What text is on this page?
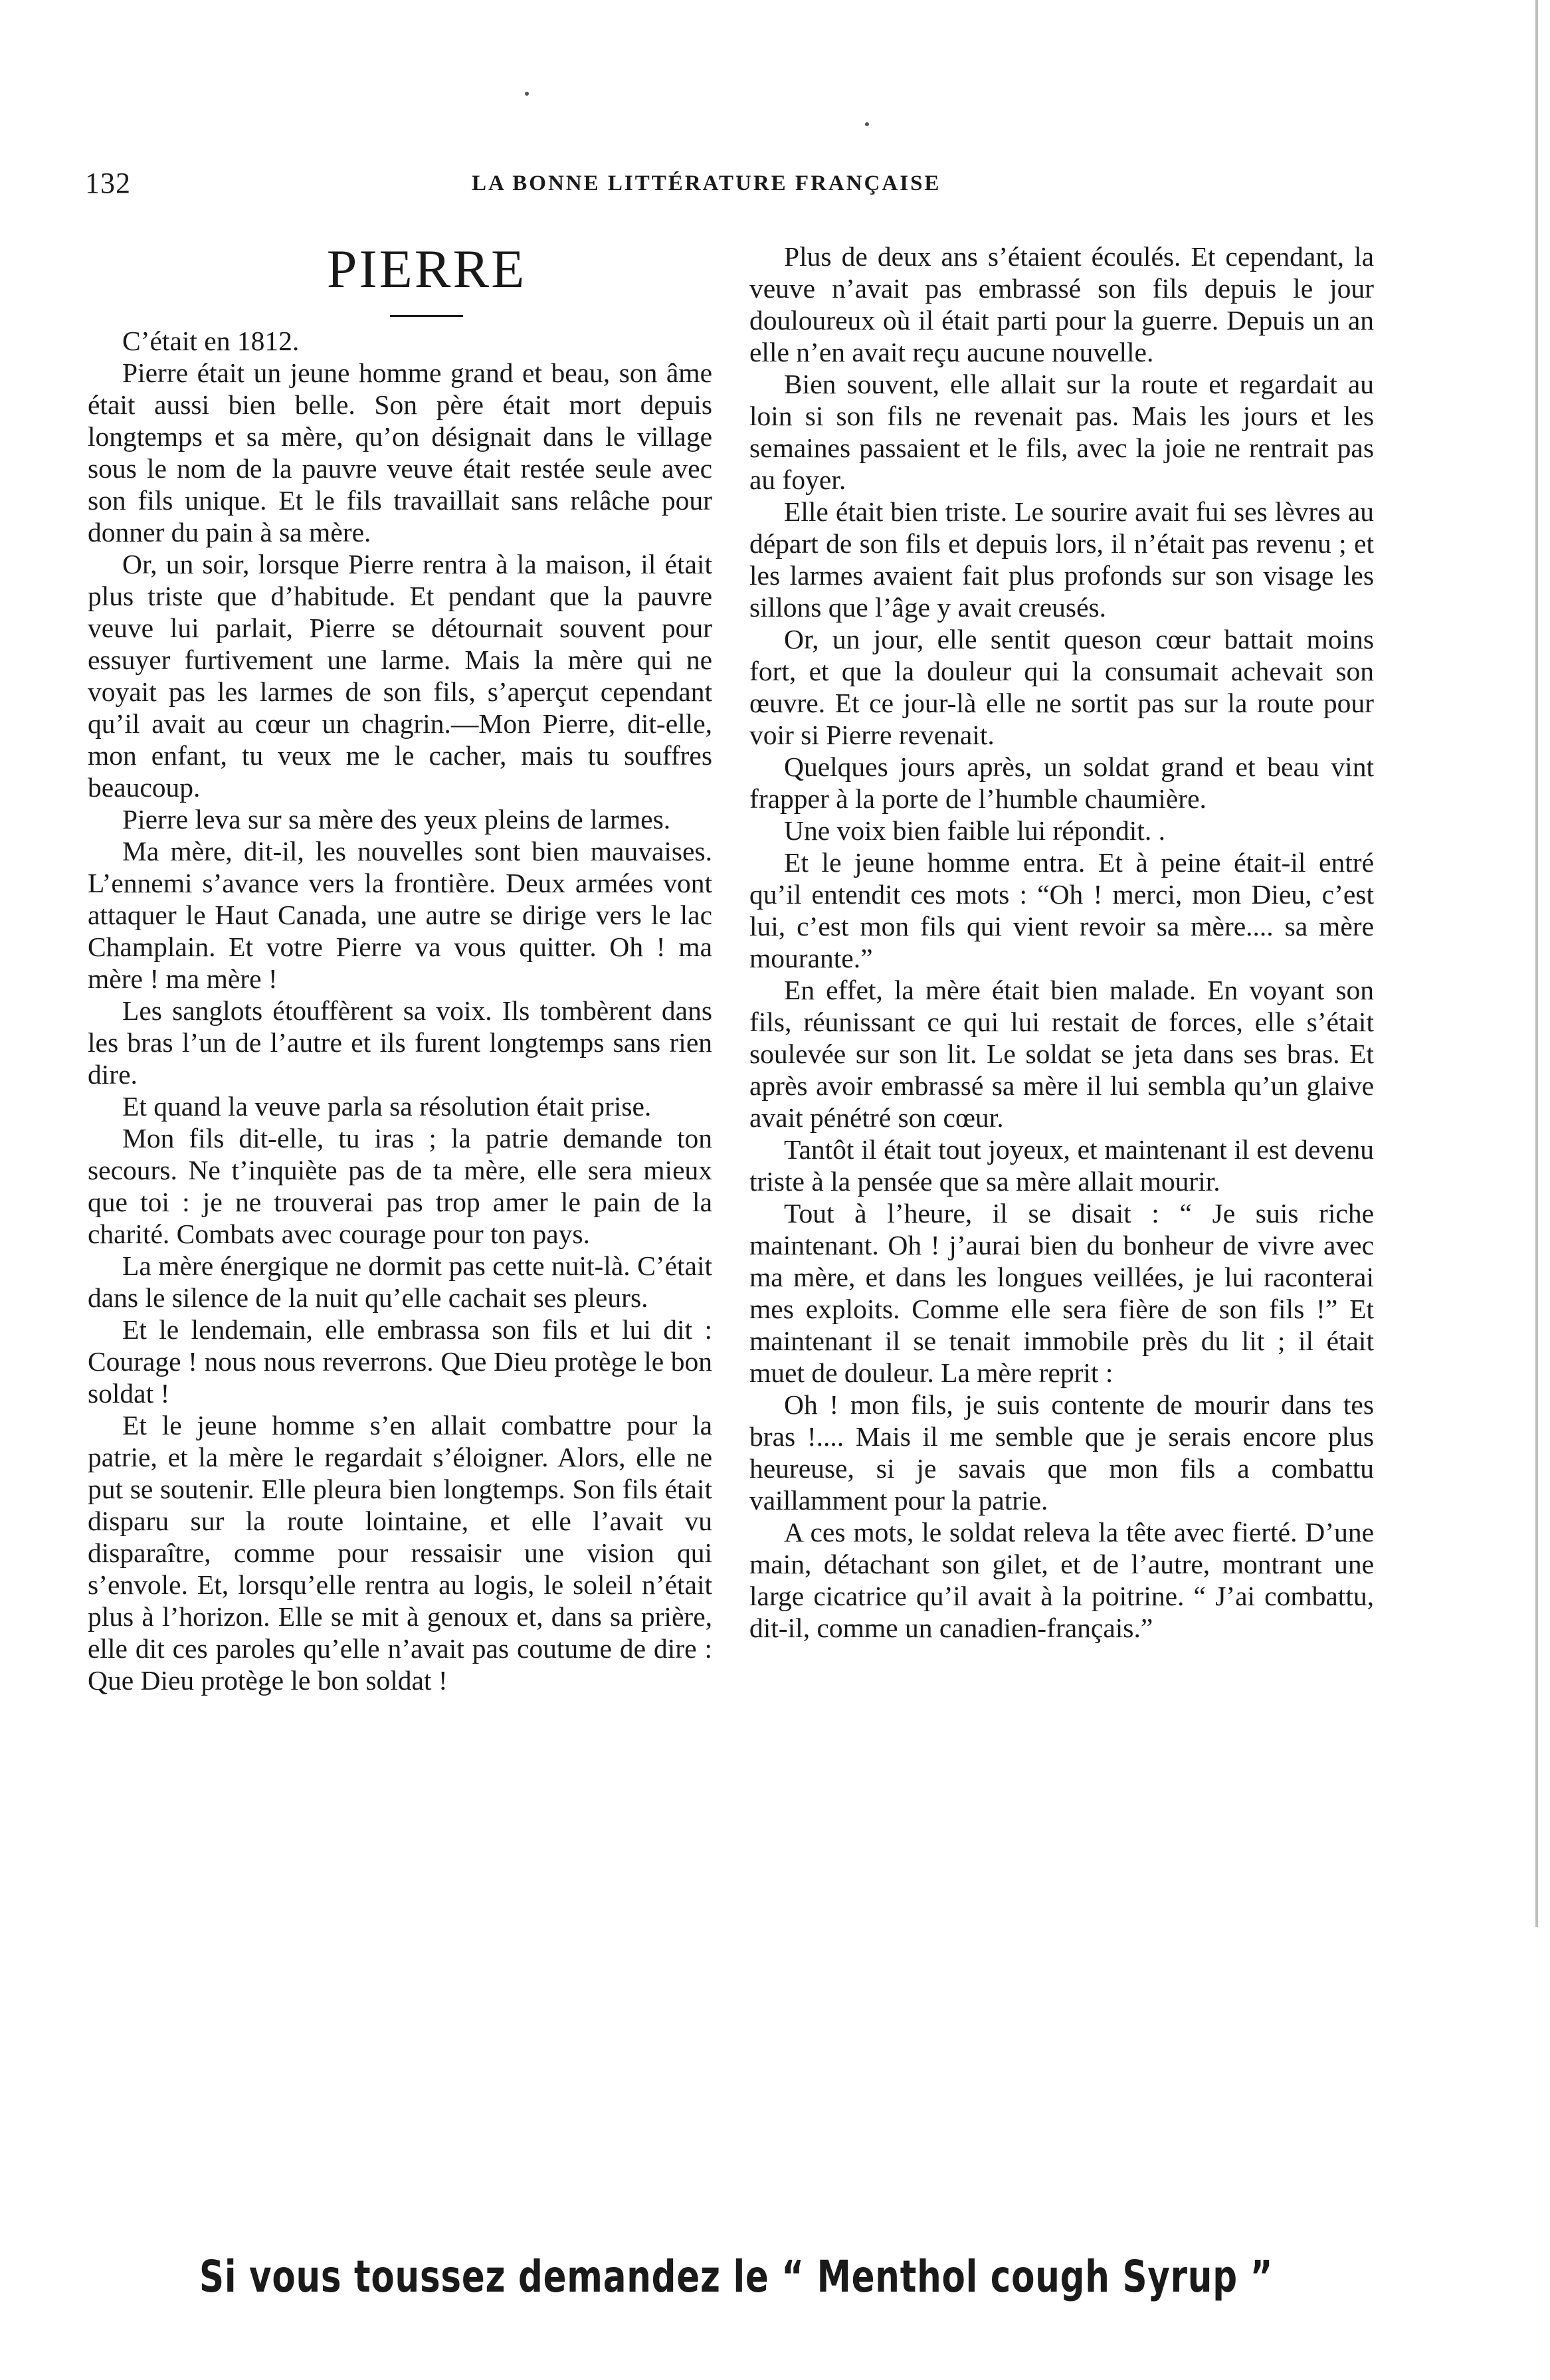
132	LA BONNE LITTÉRATURE FRANÇAISE
PIERRE

C’était en 1812.

Pierre était un jeune homme grand et beau, son âme était aussi bien belle. Son père était mort depuis longtemps et sa mère, qu’on désignait dans le village sous le nom de la pauvre veuve était restée seule avec son fils unique. Et le fils travaillait sans relâche pour donner du pain à sa mère.

Or, un soir, lorsque Pierre rentra à la maison, il était plus triste que d’habitude. Et pendant que la pauvre veuve lui parlait, Pierre se détournait souvent pour essuyer furtivement une larme. Mais la mère qui ne voyait pas les larmes de son fils, s’aperçut cependant qu’il avait au cœur un chagrin.—Mon Pierre, dit-elle, mon enfant, tu veux me le cacher, mais tu souffres beaucoup.

Pierre leva sur sa mère des yeux pleins de larmes.

Ma mère, dit-il, les nouvelles sont bien mauvaises. L’ennemi s’avance vers la frontière. Deux armées vont attaquer le Haut Canada, une autre se dirige vers le lac Champlain. Et votre Pierre va vous quitter. Oh ! ma mère ! ma mère !

Les sanglots étouffèrent sa voix. Ils tombèrent dans les bras l’un de l’autre et ils furent longtemps sans rien dire.

Et quand la veuve parla sa résolution était prise.

Mon fils dit-elle, tu iras ; la patrie demande ton secours. Ne t’inquiète pas de ta mère, elle sera mieux que toi : je ne trouverai pas trop amer le pain de la charité. Combats avec courage pour ton pays.

La mère énergique ne dormit pas cette nuit-là. C’était dans le silence de la nuit qu’elle cachait ses pleurs.

Et le lendemain, elle embrassa son fils et lui dit : Courage ! nous nous reverrons. Que Dieu protège le bon soldat !

Et le jeune homme s’en allait combattre pour la patrie, et la mère le regardait s’éloigner. Alors, elle ne put se soutenir. Elle pleura bien longtemps. Son fils était disparu sur la route lointaine, et elle l’avait vu disparaître, comme pour ressaisir une vision qui s’envole. Et, lorsqu’elle rentra au logis, le soleil n’était plus à l’horizon. Elle se mit à genoux et, dans sa prière, elle dit ces paroles qu’elle n’avait pas coutume de dire : Que Dieu protège le bon soldat !

Plus de deux ans s’étaient écoulés. Et cependant, la veuve n’avait pas embrassé son fils depuis le jour douloureux où il était parti pour la guerre. Depuis un an elle n’en avait reçu aucune nouvelle.

Bien souvent, elle allait sur la route et regardait au loin si son fils ne revenait pas. Mais les jours et les semaines passaient et le fils, avec la joie ne rentrait pas au foyer.

Elle était bien triste. Le sourire avait fui ses lèvres au départ de son fils et depuis lors, il n’était pas revenu ; et les larmes avaient fait plus profonds sur son visage les sillons que l’âge y avait creusés.

Or, un jour, elle sentit queson cœur battait moins fort, et que la douleur qui la consumait achevait son œuvre. Et ce jour-là elle ne sortit pas sur la route pour voir si Pierre revenait.

Quelques jours après, un soldat grand et beau vint frapper à la porte de l’humble chaumière.

Une voix bien faible lui répondit. .

Et le jeune homme entra. Et à peine était-il entré qu’il entendit ces mots : “Oh ! merci, mon Dieu, c’est lui, c’est mon fils qui vient revoir sa mère.... sa mère mourante.”

En effet, la mère était bien malade. En voyant son fils, réunissant ce qui lui restait de forces, elle s’était soulevée sur son lit. Le soldat se jeta dans ses bras. Et après avoir embrassé sa mère il lui sembla qu’un glaive avait pénétré son cœur.

Tantôt il était tout joyeux, et maintenant il est devenu triste à la pensée que sa mère allait mourir.

Tout à l’heure, il se disait : “ Je suis riche maintenant. Oh ! j’aurai bien du bonheur de vivre avec ma mère, et dans les longues veillées, je lui raconterai mes exploits. Comme elle sera fière de son fils !” Et maintenant il se tenait immobile près du lit ; il était muet de douleur. La mère reprit :

Oh ! mon fils, je suis contente de mourir dans tes bras !.... Mais il me semble que je serais encore plus heureuse, si je savais que mon fils a combattu vaillamment pour la patrie.

A ces mots, le soldat releva la tête avec fierté. D’une main, détachant son gilet, et de l’autre, montrant une large cicatrice qu’il avait à la poitrine. “ J’ai combattu, dit-il, comme un canadien-français.”

Si vous toussez demandez le “ Menthol cough Syrup ”
